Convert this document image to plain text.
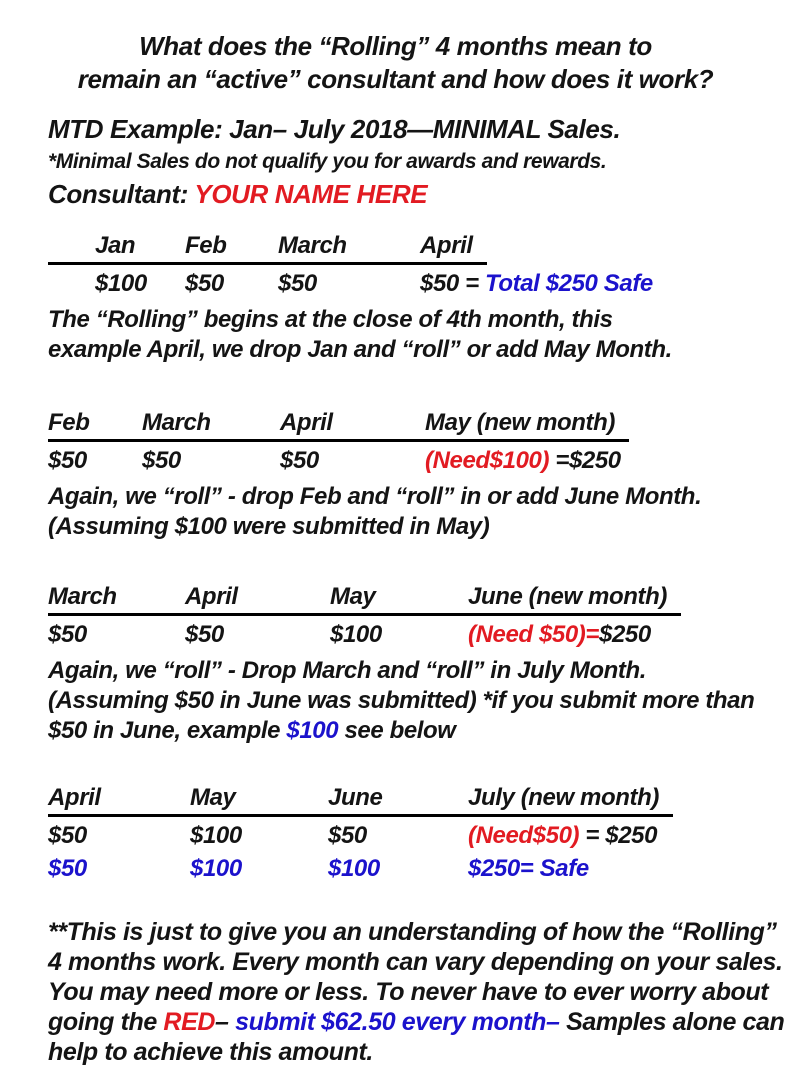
What does the “Rolling” 4 months mean to
remain an “active” consultant and how does it work?
MTD Example: Jan– July 2018—MINIMAL Sales.
*Minimal Sales do not qualify you for awards and rewards.
Consultant: YOUR NAME HERE
Jan	Feb	March	April
$100	$50	$50	$50 = Total $250 Safe
The “Rolling” begins at the close of 4th month, this
example April, we drop Jan and “roll” or add May Month.
Feb	March	April	May (new month)
$50	$50	$50	(Need$100) =$250
Again, we “roll” - drop Feb and “roll” in or add June Month.
(Assuming $100 were submitted in May)
March	April	May	June (new month)
$50	$50	$100	(Need $50)=$250
Again, we “roll” - Drop March and “roll” in July Month.
(Assuming $50 in June was submitted) *if you submit more than
$50 in June, example $100 see below
April	May	June	July (new month)
$50	$100	$50	(Need$50) = $250
$50	$100	$100	$250= Safe
**This is just to give you an understanding of how the “Rolling”
4 months work. Every month can vary depending on your sales.
You may need more or less. To never have to ever worry about
going the RED– submit $62.50 every month– Samples alone can
help to achieve this amount.
